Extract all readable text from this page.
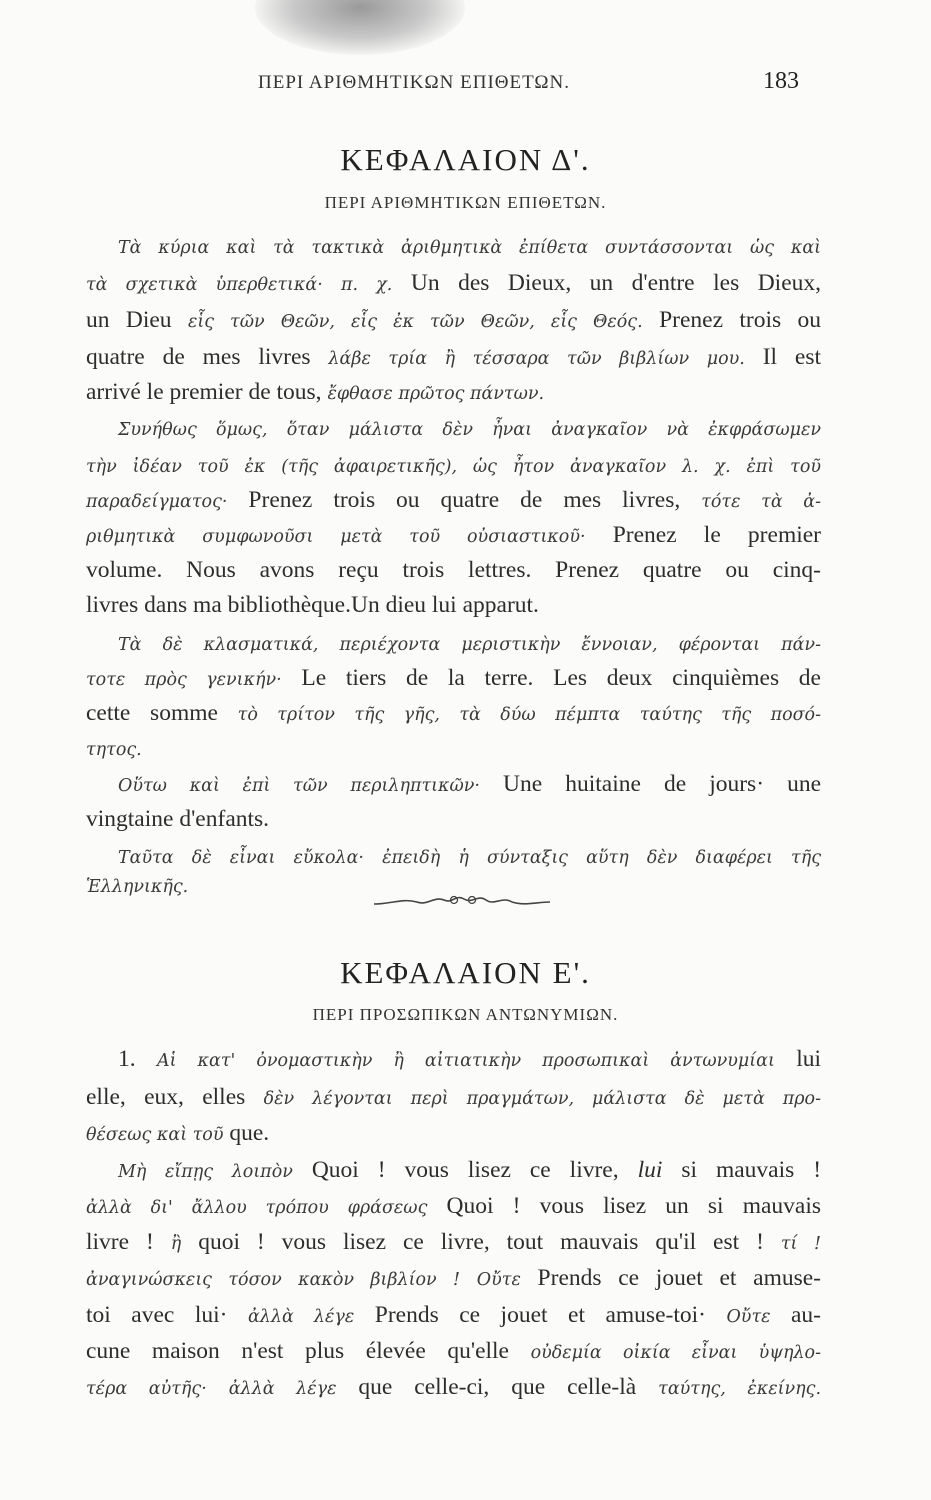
ΠΕΡΙ ΑΡΙΘΜΗΤΙΚΩΝ ΕΠΙΘΕΤΩΝ.	183
ΚΕΦΑΛΑΙΟΝ Δ'.
ΠΕΡΙ ΑΡΙΘΜΗΤΙΚΩΝ ΕΠΙΘΕΤΩΝ.
Τὰ κύρια καὶ τὰ τακτικὰ ἀριθμητικὰ ἐπίθετα συντάσσονται ὡς καὶ
τὰ σχετικὰ ὑπερθετικά· π. χ. Un des Dieux, un d'entre les Dieux,
un Dieu εἷς τῶν Θεῶν, εἷς ἐκ τῶν Θεῶν, εἷς Θεός. Prenez trois ou
quatre de mes livres λάβε τρία ἢ τέσσαρα τῶν βιβλίων μου. Il est
arrivé le premier de tous, ἔφθασε πρῶτος πάντων.
Συνήθως ὅμως, ὅταν μάλιστα δὲν ἦναι ἀναγκαῖον νὰ ἐκφράσωμεν
τὴν ἰδέαν τοῦ ἐκ (τῆς ἀφαιρετικῆς), ὡς ἦτον ἀναγκαῖον λ. χ. ἐπὶ τοῦ
παραδείγματος· Prenez trois ou quatre de mes livres, τότε τὰ ἀ-
ριθμητικὰ συμφωνοῦσι μετὰ τοῦ οὐσιαστικοῦ· Prenez le premier
volume. Nous avons reçu trois lettres. Prenez quatre ou cinq-
livres dans ma bibliothèque.Un dieu lui apparut.
Τὰ δὲ κλασματικά, περιέχοντα μεριστικὴν ἔννοιαν, φέρονται πάν-
τοτε πρὸς γενικήν· Le tiers de la terre. Les deux cinquièmes de
cette somme τὸ τρίτον τῆς γῆς, τὰ δύω πέμπτα ταύτης τῆς ποσό-
τητος.
Οὕτω καὶ ἐπὶ τῶν περιληπτικῶν· Une huitaine de jours· une
vingtaine d'enfants.
Ταῦτα δὲ εἶναι εὔκολα· ἐπειδὴ ἡ σύνταξις αὕτη δὲν διαφέρει τῆς
Ἑλληνικῆς.
ΚΕΦΑΛΑΙΟΝ Ε'.
ΠΕΡΙ ΠΡΟΣΩΠΙΚΩΝ ΑΝΤΩΝΥΜΙΩΝ.
1. Αἱ κατ' ὀνομαστικὴν ἢ αἰτιατικὴν προσωπικαὶ ἀντωνυμίαι lui
elle, eux, elles δὲν λέγονται περὶ πραγμάτων, μάλιστα δὲ μετὰ προ-
θέσεως καὶ τοῦ que.
Μὴ εἴπῃς λοιπὸν Quoi ! vous lisez ce livre, lui si mauvais !
ἀλλὰ δι' ἄλλου τρόπου φράσεως Quoi ! vous lisez un si mauvais
livre ! ἢ quoi ! vous lisez ce livre, tout mauvais qu'il est ! τί !
ἀναγινώσκεις τόσον κακὸν βιβλίον ! Οὔτε Prends ce jouet et amuse-
toi avec lui· ἀλλὰ λέγε Prends ce jouet et amuse-toi· Οὔτε au-
cune maison n'est plus élevée qu'elle οὐδεμία οἰκία εἶναι ὑψηλο-
τέρα αὐτῆς· ἀλλὰ λέγε que celle-ci, que celle-là ταύτης, ἐκείνης.
